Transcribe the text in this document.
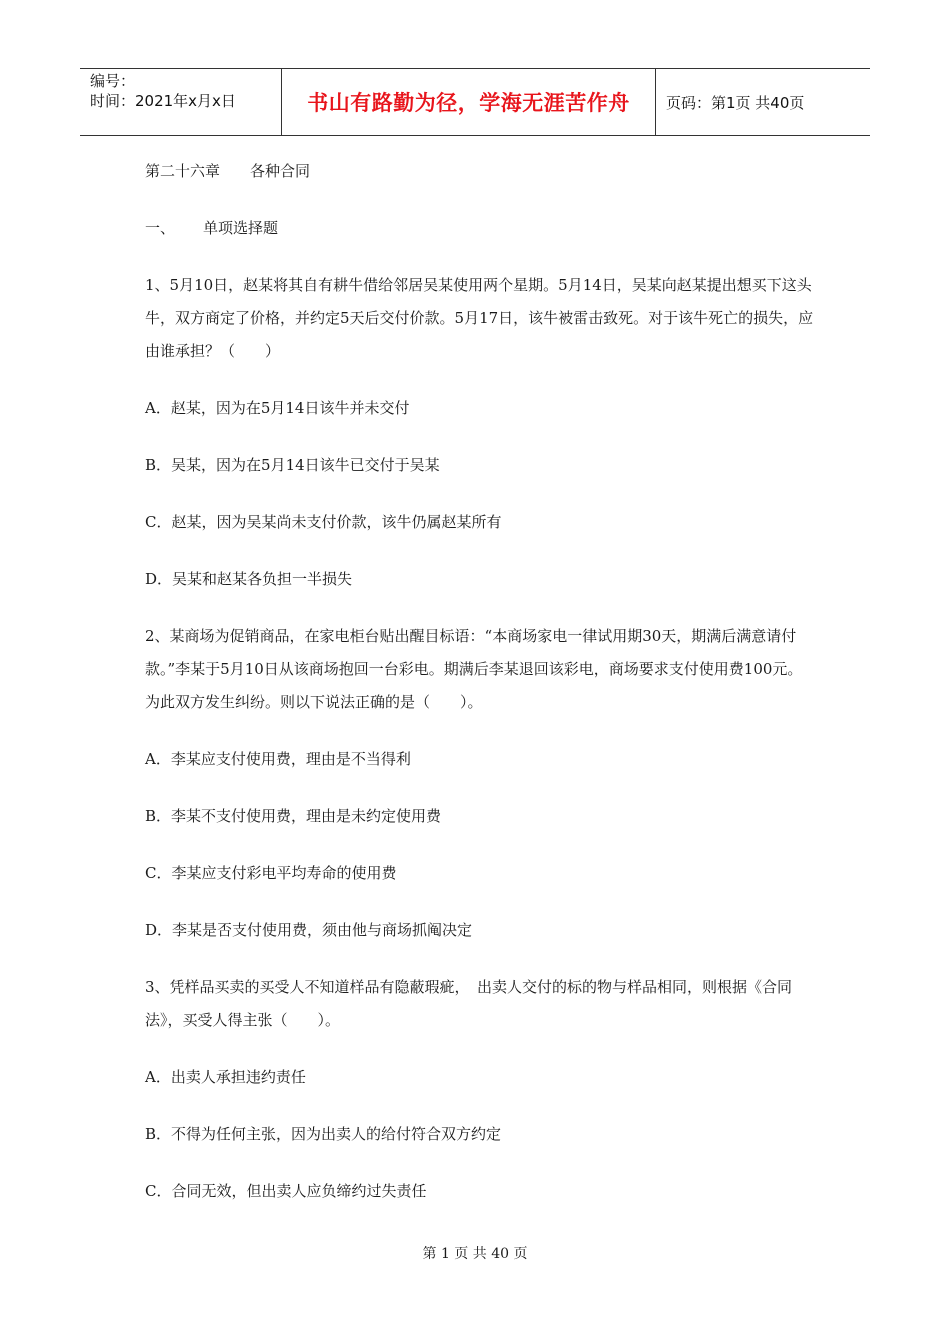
编号：
时间：2021年x月x日	书山有路勤为径，学海无涯苦作舟	页码：第1页 共40页
第二十六章 各种合同
一、 单项选择题

1、5月10日，赵某将其自有耕牛借给邻居吴某使用两个星期。5月14日，吴某向赵某提出想买下这头牛，双方商定了价格，并约定5天后交付价款。5月17日，该牛被雷击致死。对于该牛死亡的损失，应由谁承担？（　　）

A．赵某，因为在5月14日该牛并未交付

B．吴某，因为在5月14日该牛已交付于吴某

C．赵某，因为吴某尚未支付价款，该牛仍属赵某所有

D．吴某和赵某各负担一半损失

2、某商场为促销商品，在家电柜台贴出醒目标语：“本商场家电一律试用期30天，期满后满意请付款。”李某于5月10日从该商场抱回一台彩电。期满后李某退回该彩电，商场要求支付使用费100元。为此双方发生纠纷。则以下说法正确的是（　　）。

A．李某应支付使用费，理由是不当得利

B．李某不支付使用费，理由是未约定使用费

C．李某应支付彩电平均寿命的使用费

D．李某是否支付使用费，须由他与商场抓阄决定

3、凭样品买卖的买受人不知道样品有隐蔽瑕疵，　出卖人交付的标的物与样品相同，则根据《合同法》，买受人得主张（　　）。

A．出卖人承担违约责任

B．不得为任何主张，因为出卖人的给付符合双方约定

C．合同无效，但出卖人应负缔约过失责任

第 1 页 共 40 页
